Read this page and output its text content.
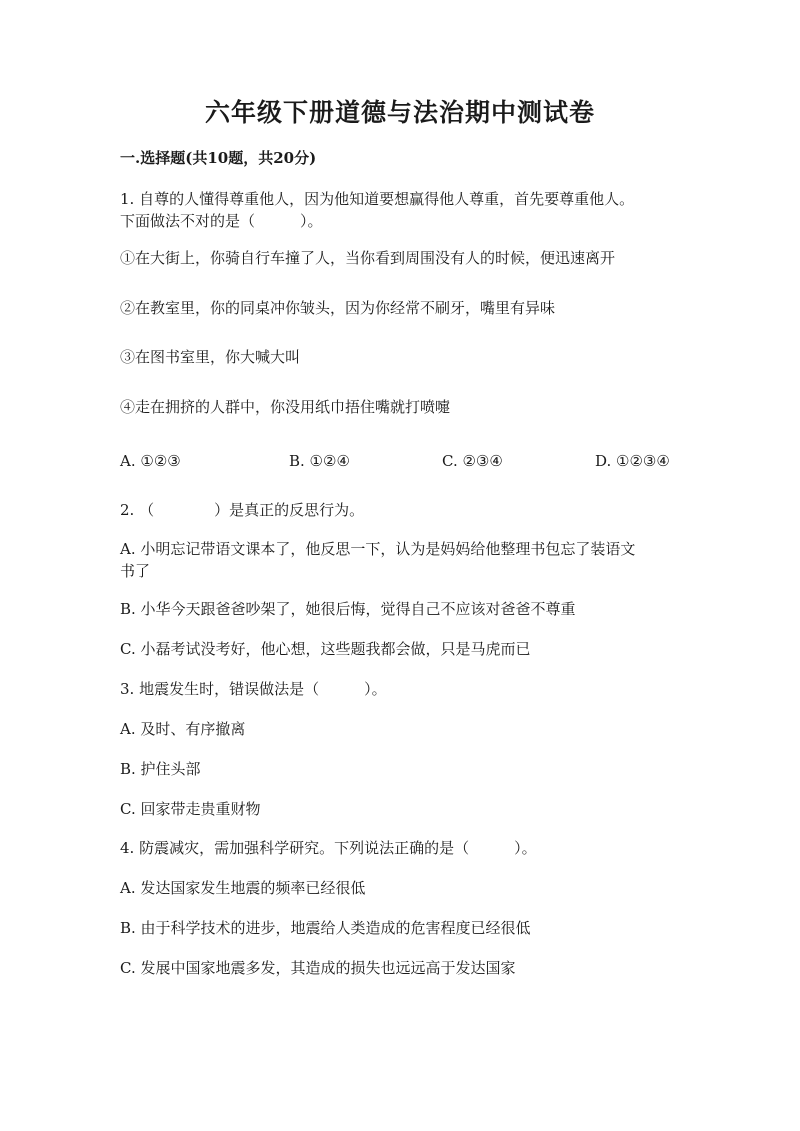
六年级下册道德与法治期中测试卷
一.选择题(共10题，共20分)
1. 自尊的人懂得尊重他人，因为他知道要想赢得他人尊重，首先要尊重他人。
下面做法不对的是（　　　）。
①在大街上，你骑自行车撞了人，当你看到周围没有人的时候，便迅速离开
②在教室里，你的同桌冲你皱头，因为你经常不刷牙，嘴里有异味
③在图书室里，你大喊大叫
④走在拥挤的人群中，你没用纸巾捂住嘴就打喷嚏
A. ①②③	B. ①②④	C. ②③④	D. ①②③④
2. （　　　　）是真正的反思行为。
A. 小明忘记带语文课本了，他反思一下，认为是妈妈给他整理书包忘了装语文
书了
B. 小华今天跟爸爸吵架了，她很后悔，觉得自己不应该对爸爸不尊重
C. 小磊考试没考好，他心想，这些题我都会做，只是马虎而已
3. 地震发生时，错误做法是（　　　）。
A. 及时、有序撤离
B. 护住头部
C. 回家带走贵重财物
4. 防震减灾，需加强科学研究。下列说法正确的是（　　　）。
A. 发达国家发生地震的频率已经很低
B. 由于科学技术的进步，地震给人类造成的危害程度已经很低
C. 发展中国家地震多发，其造成的损失也远远高于发达国家
